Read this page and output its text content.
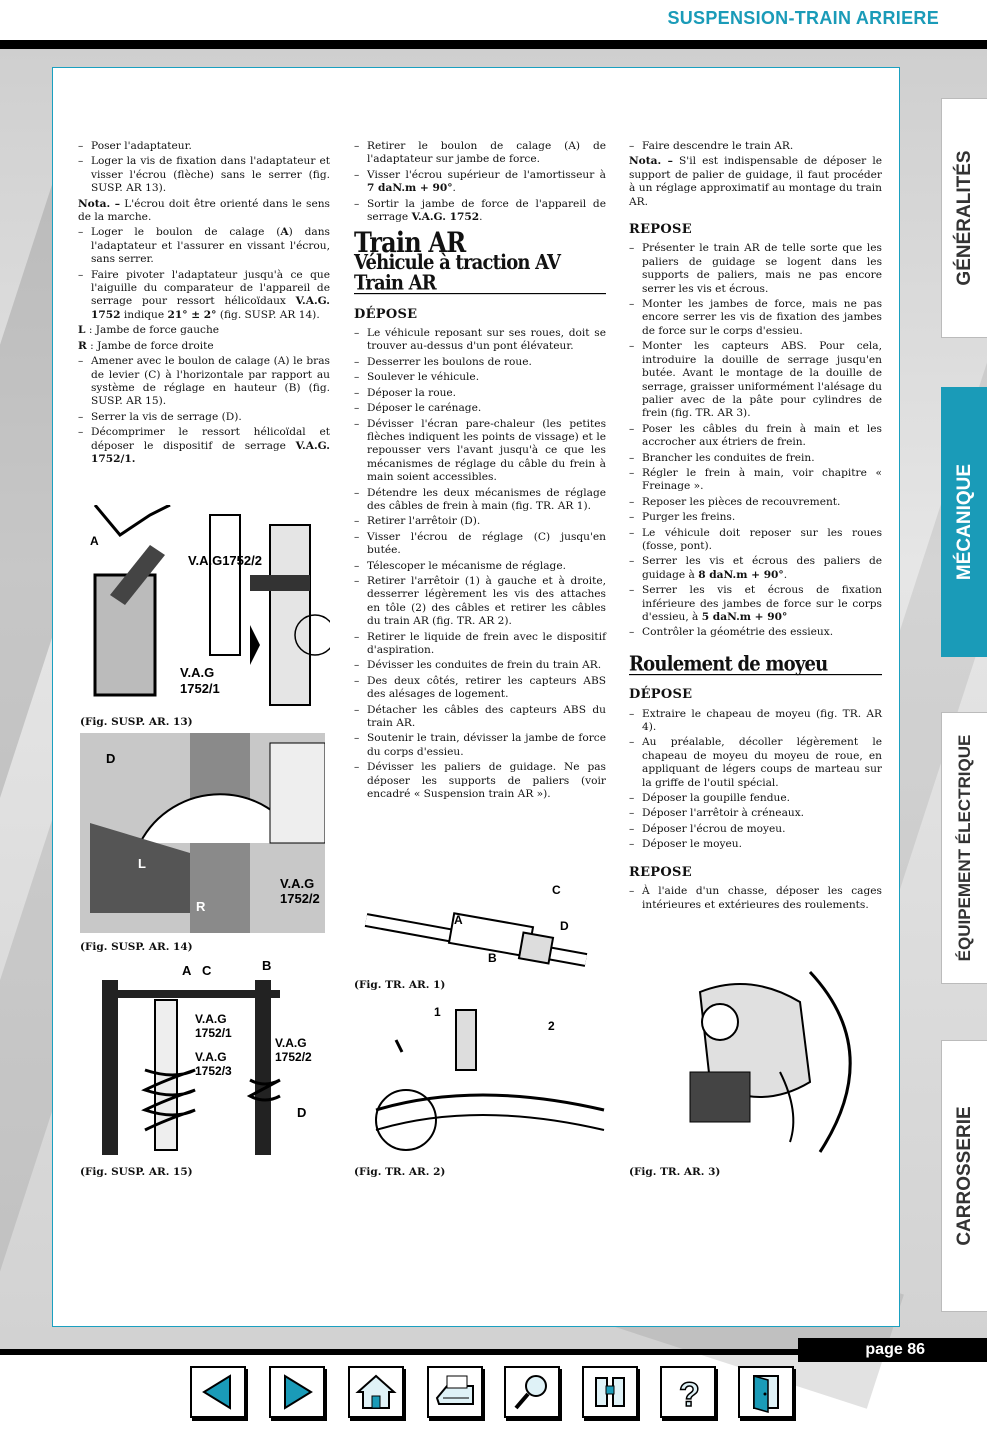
SUSPENSION-TRAIN ARRIERE
– Poser l'adaptateur.
– Loger la vis de fixation dans l'adaptateur et visser l'écrou (flèche) sans le serrer (fig. SUSP. AR 13).
Nota. – L'écrou doit être orienté dans le sens de la marche.
– Loger le boulon de calage (A) dans l'adaptateur et l'assurer en vissant l'écrou, sans serrer.
– Faire pivoter l'adaptateur jusqu'à ce que l'aiguille du comparateur de l'appareil de serrage pour ressort hélicoïdaux V.A.G. 1752 indique 21° ± 2° (fig. SUSP. AR 14).
L : Jambe de force gauche
R : Jambe de force droite
– Amener avec le boulon de calage (A) le bras de levier (C) à l'horizontale par rapport au système de réglage en hauteur (B) (fig. SUSP. AR 15).
– Serrer la vis de serrage (D).
– Décomprimer le ressort hélicoïdal et déposer le dispositif de serrage V.A.G. 1752/1.
A
V.A.G1752/2
V.A.G
1752/1
(Fig. SUSP. AR. 13)
D
L
R
V.A.G
1752/2
(Fig. SUSP. AR. 14)
A C	B
D
V.A.G
1752/1
V.A.G
1752/2
V.A.G
1752/3
(Fig. SUSP. AR. 15)
– Retirer le boulon de calage (A) de l'adaptateur sur jambe de force.
– Visser l'écrou supérieur de l'amortisseur à 7 daN.m + 90°.
– Sortir la jambe de force de l'appareil de serrage V.A.G. 1752.
Train AR
Véhicule à traction AV
Train AR
DÉPOSE
– Le véhicule reposant sur ses roues, doit se trouver au-dessus d'un pont élévateur.
– Desserrer les boulons de roue.
– Soulever le véhicule.
– Déposer la roue.
– Déposer le carénage.
– Dévisser l'écran pare-chaleur (les petites flèches indiquent les points de vissage) et le repousser vers l'avant jusqu'à ce que les mécanismes de réglage du câble du frein à main soient accessibles.
– Détendre les deux mécanismes de réglage des câbles de frein à main (fig. TR. AR 1).
– Retirer l'arrêtoir (D).
– Visser l'écrou de réglage (C) jusqu'en butée.
– Télescoper le mécanisme de réglage.
– Retirer l'arrêtoir (1) à gauche et à droite, desserrer légèrement les vis des attaches en tôle (2) des câbles et retirer les câbles du train AR (fig. TR. AR 2).
– Retirer le liquide de frein avec le dispositif d'aspiration.
– Dévisser les conduites de frein du train AR.
– Des deux côtés, retirer les capteurs ABS des alésages de logement.
– Détacher les câbles des capteurs ABS du train AR.
– Soutenir le train, dévisser la jambe de force du corps d'essieu.
– Dévisser les paliers de guidage. Ne pas déposer les supports de paliers (voir encadré « Suspension train AR »).
A
B
C
D
(Fig. TR. AR. 1)
1
2
(Fig. TR. AR. 2)
– Faire descendre le train AR.
Nota. – S'il est indispensable de déposer le support de palier de guidage, il faut procéder à un réglage approximatif au montage du train AR.
REPOSE
– Présenter le train AR de telle sorte que les paliers de guidage se logent dans les supports de paliers, mais ne pas encore serrer les vis et écrous.
– Monter les jambes de force, mais ne pas encore serrer les vis de fixation des jambes de force sur le corps d'essieu.
– Monter les capteurs ABS. Pour cela, introduire la douille de serrage jusqu'en butée. Avant le montage de la douille de serrage, graisser uniformément l'alésage du palier avec de la pâte pour cylindres de frein (fig. TR. AR 3).
– Poser les câbles du frein à main et les accrocher aux étriers de frein.
– Brancher les conduites de frein.
– Régler le frein à main, voir chapitre « Freinage ».
– Reposer les pièces de recouvrement.
– Purger les freins.
– Le véhicule doit reposer sur les roues (fosse, pont).
– Serrer les vis et écrous des paliers de guidage à 8 daN.m + 90°.
– Serrer les vis et écrous de fixation inférieure des jambes de force sur le corps d'essieu, à 5 daN.m + 90°
– Contrôler la géométrie des essieux.
Roulement de moyeu
DÉPOSE
– Extraire le chapeau de moyeu (fig. TR. AR 4).
– Au préalable, décoller légèrement le chapeau de moyeu du moyeu de roue, en appliquant de légers coups de marteau sur la griffe de l'outil spécial.
– Déposer la goupille fendue.
– Déposer l'arrêtoir à créneaux.
– Déposer l'écrou de moyeu.
– Déposer le moyeu.
REPOSE
– À l'aide d'un chasse, déposer les cages intérieures et extérieures des roulements.
(Fig. TR. AR. 3)
GÉNÉRALITÉS
MÉCANIQUE
ÉQUIPEMENT ÉLECTRIQUE
CARROSSERIE
page 86
?
